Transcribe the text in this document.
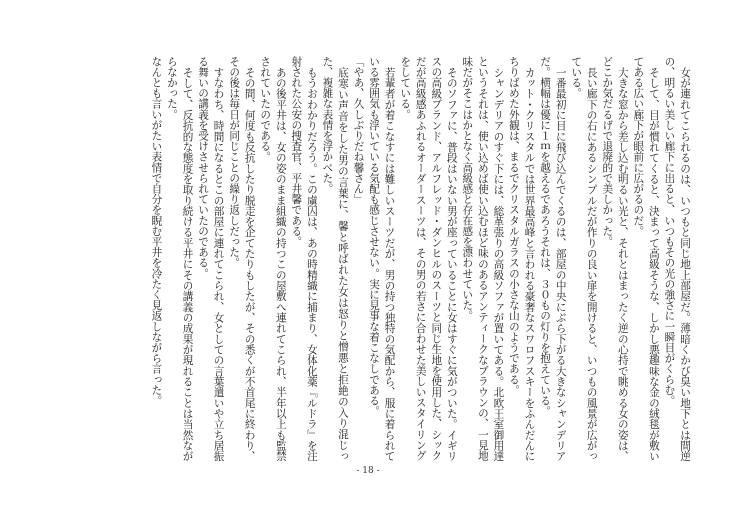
女が連れてこられるのは、いつもと同じ地上部屋だ。薄暗くかび臭い地下とは間逆の、明るい美しい廊下に出ると、いつもその光の強さに一瞬目がくらむ。

そして、目が慣れてくると、決まって高級そうな、しかし悪趣味な金の絨毯が敷いてある広い廊下が眼前に広がるのだ。

大きな窓から差し込む明るい光と、それとはまったく逆の心持で眺める女の姿は、どこか気だるげで退廃的で美しかった。

長い廊下の右にあるシンプルだが作りの良い扉を開けると、いつもの風景が広がっている。

一番最初に目に飛び込んでくるのは、部屋の中央にぶら下がる大きなシャンデリアだ。横幅は優に１ｍを越えるであろうそれは、３０もの灯りを抱えている。

カット・クリスタルでは世界最高峰と言われる豪奢なスワロフスキーをふんだんにちりばめた外観は、まるでクリスタルガラスの小さな山のようである。

シャンデリアのすぐ下には、総革張りの高級ソファが置いてある。北欧王室御用達というそれは、使い込めば使い込むほど味のあるアンティークなブラウンの、一見地味だがそこはかとなく高級感と存在感を漂わせていた。

そのソファに、普段はいない男が座っていることに女はすぐに気がついた。イギリスの高級ブランド、アルフレッド・ダンヒルのスーツと同じ生地を使用した、シックだが高級感あふれるオーダースーツは、その男の若さに合わせた美しいスタイリングをしている。

若輩者が着こなすには難しいスーツだが、男の持つ独特の気配から、服に着られている雰囲気も浮いている気配も感じさせない。実に見事な着こなしである。

「やあ、久しぶりだね馨さん」

底寒い声音をした男の言葉に、馨と呼ばれた女は怒りと憎悪と拒絶の入り混じった、複雑な表情を浮かべた。

もうおわかりだろう。この虜囚は、あの時精織に捕まり、女体化薬『ルドラ』を注射された公安の捜査官、平井馨である。

あの後平井は、女の姿のまま組織の持つこの屋敷へ連れてこられ、半年以上も監禁されていたのである。

その間、何度も反抗したり脱走を企てたりもしたが、その悉くが不首尾に終わり、その後は毎日が同じことの繰り返しだった。

すなわち、時間になるとこの部屋に連れてこられ、女としての言葉遣いや立ち居振る舞いの講義を受けさせられていたのである。

そして、反抗的な態度を取り続ける平井にその講義の成果が現れることは当然ながらなかった。

なんとも言いがたい表情で自分を睨む平井を冷たく見返しながら言った。

- 18 -
